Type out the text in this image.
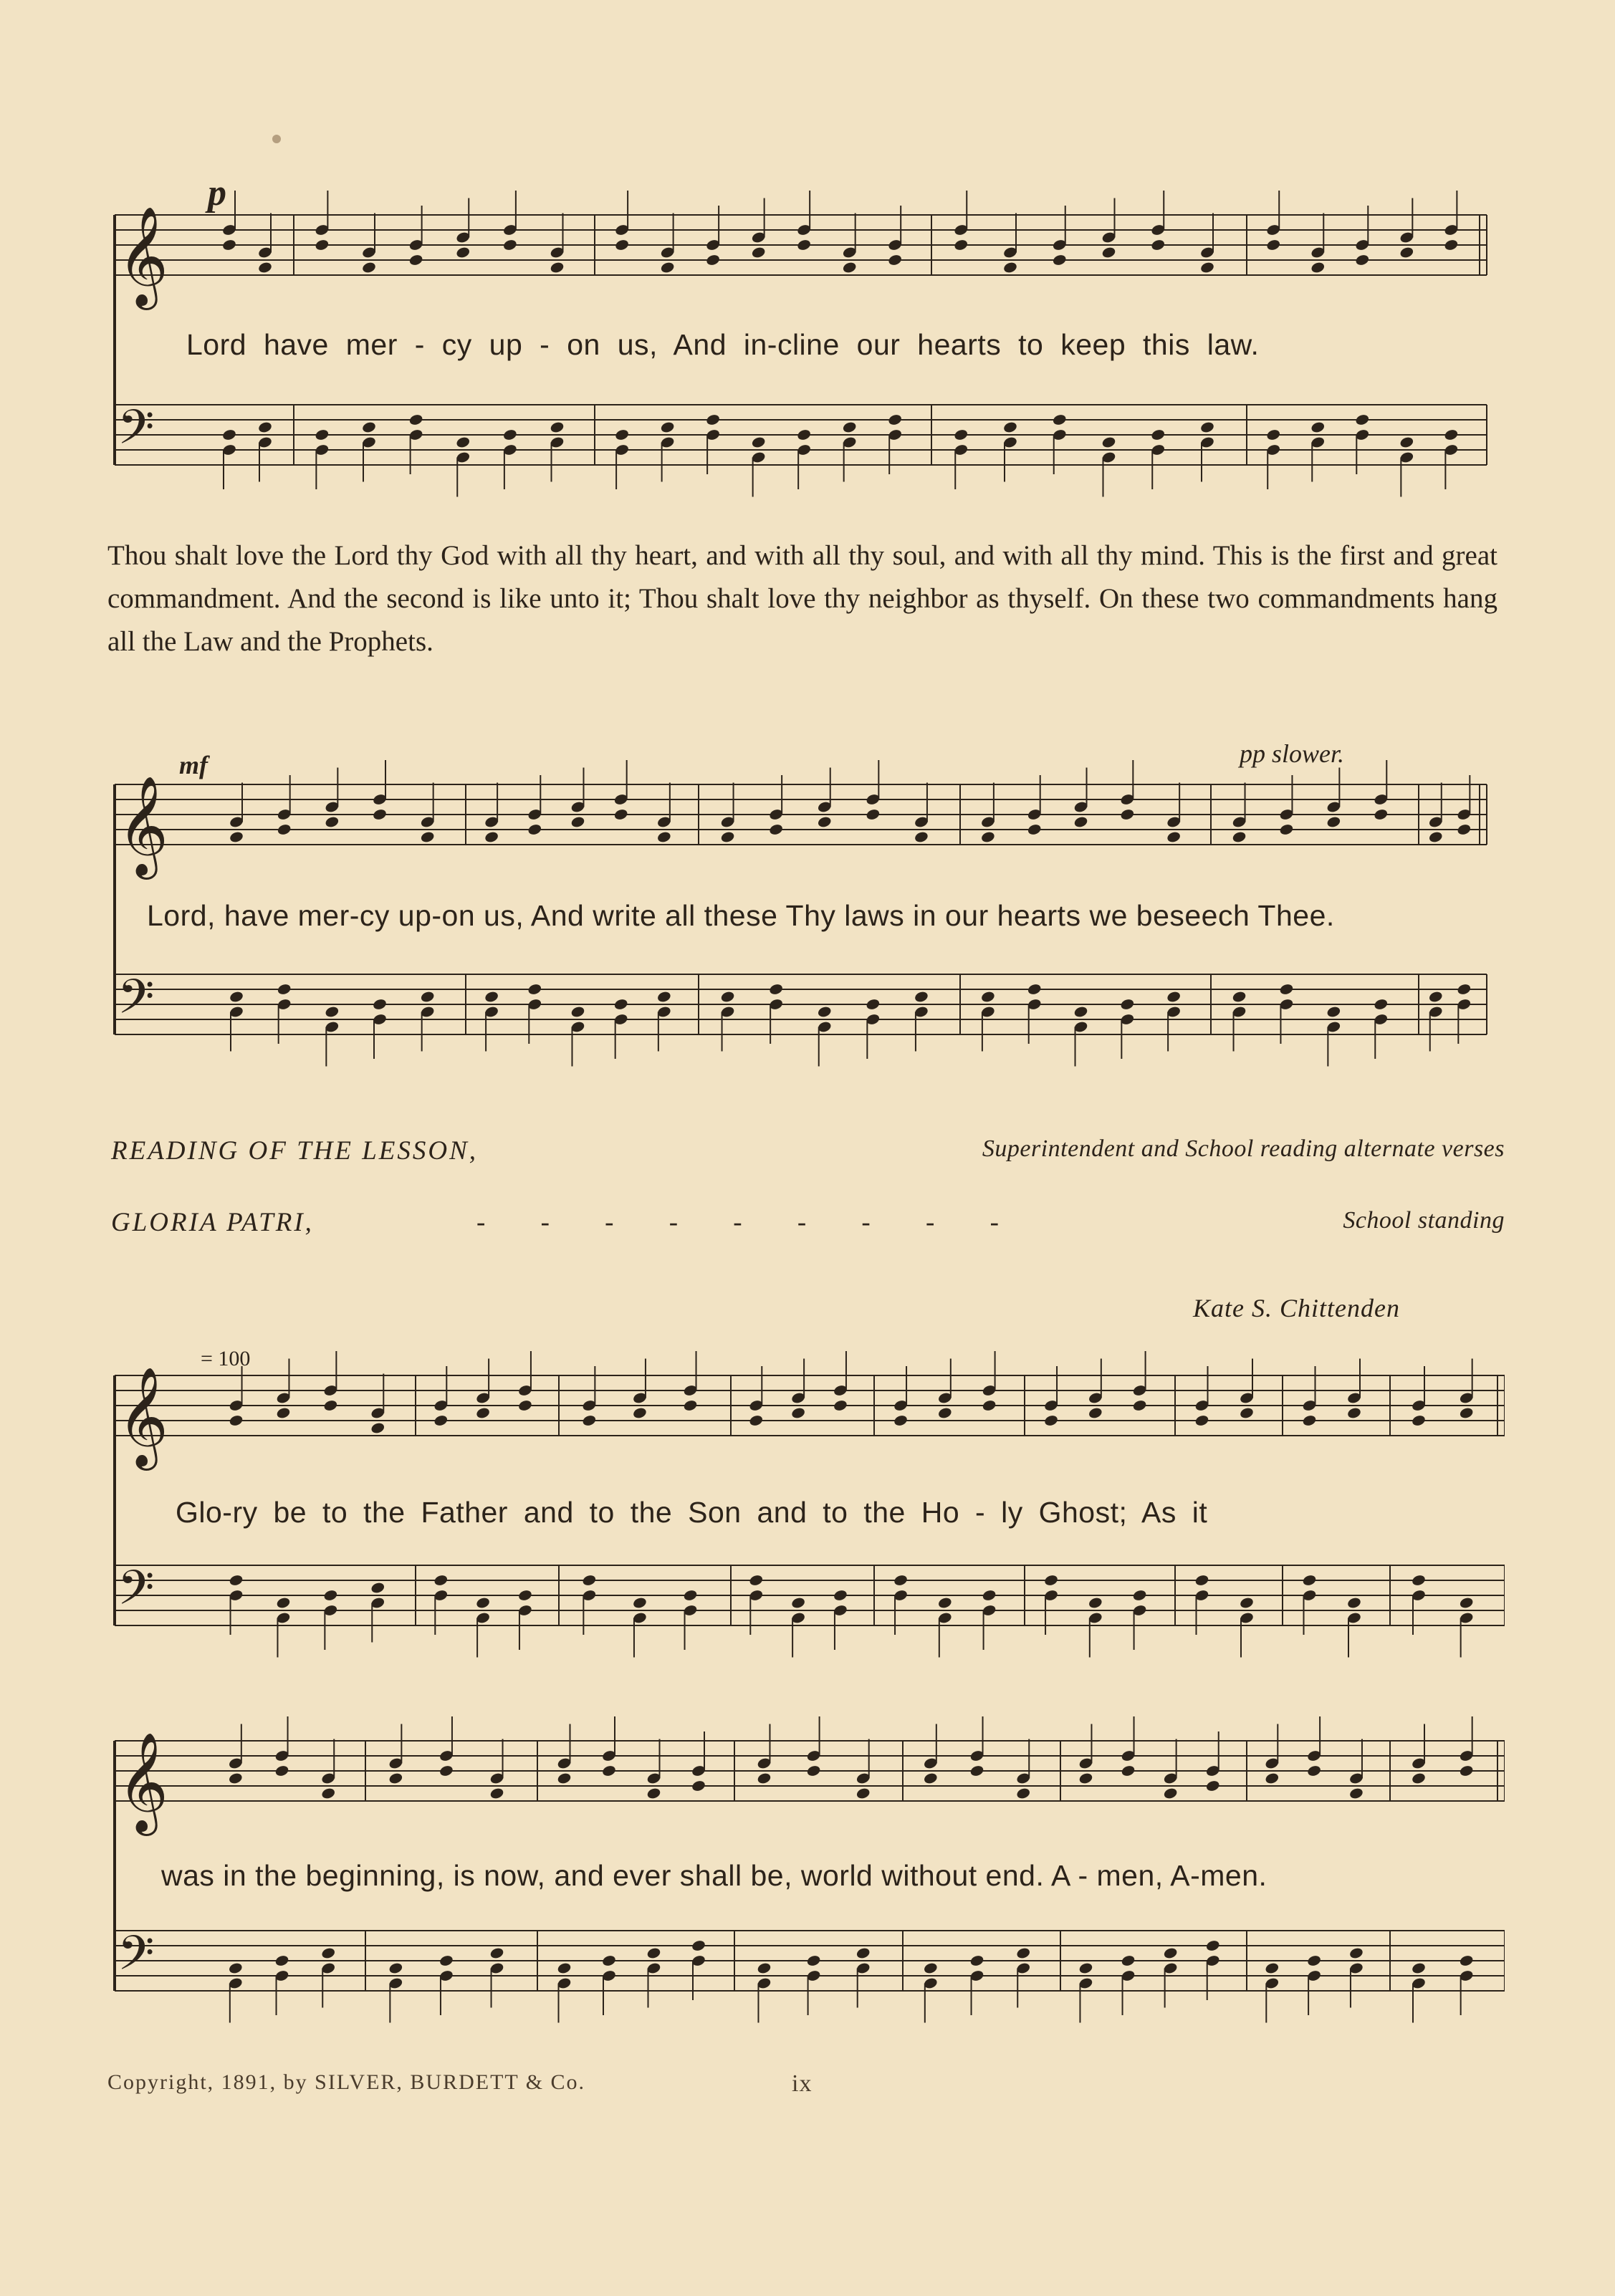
𝄞
𝄢
p
Lord have mer - cy up - on us, And in-cline our hearts to keep this law.
Thou shalt love the Lord thy God with all thy heart, and with all thy soul, and with all thy mind. This is the first and great commandment. And the second is like unto it; Thou shalt love thy neighbor as thyself. On these two commandments hang all the Law and the Prophets.
𝄞
𝄢
mf	pp slower.
Lord, have mer-cy up-on us, And write all these Thy laws in our hearts we beseech Thee.
READING OF THE LESSON,	Superintendent and School reading alternate verses
GLORIA PATRI,	- - - - - - - - -	School standing
Kate S. Chittenden
𝄞
𝄢
= 100
Glo-ry be to the Father and to the Son and to the Ho - ly Ghost; As it
𝄞
𝄢
was in the beginning, is now, and ever shall be, world without end. A - men, A-men.
Copyright, 1891, by SILVER, BURDETT & Co.	ix
